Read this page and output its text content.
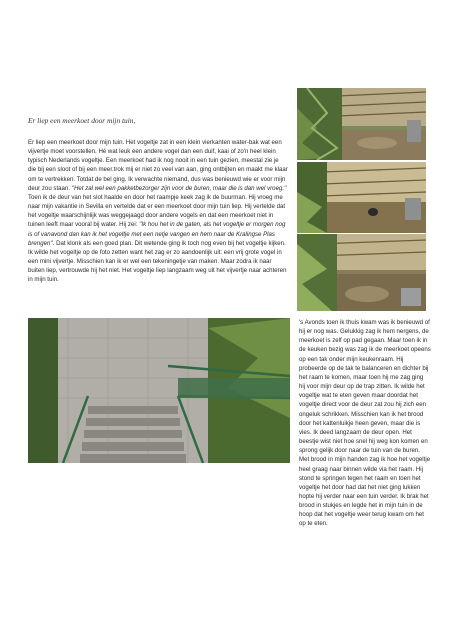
Er liep een meerkoet door mijn tuin,
Er liep een meerkoet door mijn tuin. Het vogeltje zat in een klein vierkanten water-bak wat een vijvertje moet voorstellen. Hé wat leuk een andere vogel dan een duif, kaai of zo'n heel klein typisch Nederlands vogeltje. Een meerkoet had ik nog nooit in een tuin gezien, meestal zie je die bij een sloot of bij een meer.trok mij er niet zo veel van aan, ging ontbijten en maakt me klaar om te vertrekken. Totdat de bel ging. Ik verwachte niemand, dus was benieuwd wie er voor mijn deur zou staan. ''Het zal wel een pakketbezorger zijn voor de buren, maar die is dan wel vroeg.'' Toen ik de deur van het slot haalde en door het raampje keek zag ik de buurman. Hij vroeg me naar mijn vakantie in Sevilla en vertelde dat er een meerkoet door mijn tuin liep. Hij vertelde dat het vogeltje waarschijnlijk was weggejaagd door andere vogels en dat een meerkoet niet in tuinen leeft maar vooral bij water. Hij zei: ''Ik hou het in de gaten, als het vogeltje er morgen nog is of vanavond dan kan ik het vogeltje met een netje vangen en hem naar de Kralingse Plas brengen''. Dat klonk als een goed plan. Dit wetende ging ik toch nog even bij het vogeltje kijken. Ik wilde het vogeltje op de foto zetten want het zag er zo aandoenlijk uit: een vrij grote vogel in een mini vijvertje. Misschien kan ik er wel een tekeningetje van maken. Maar zodra ik naar buiten liep, vertrouwde hij het niet. Het vogeltje liep langzaam weg uit het vijvertje naar achteren in mijn tuin.
's Avonds toen ik thuis kwam was ik benieuwd of hij er nog was. Gelukkig zag ik hem nergens, de meerkoet is zelf op pad gegaan. Maar toen ik in de keuken bezig was zag ik de meerkoet opeens op een tak onder mijn keukenraam. Hij probeerde op de tak te balanceren en dichter bij het raam te komen, maar toen hij me zag ging hij voor mijn deur op de trap zitten. Ik wilde het vogeltje wat te eten geven maar doordat het vogeltje direct voor de deur zat zou hij zich een ongeluk schrikken. Misschien kan ik het brood door het kattenluikje heen geven, maar die is vies. Ik deed langzaam de deur open. Het beestje wist niet hoe snel hij weg kon komen en sprong gelijk door naar de tuin van de buren. Met brood in mijn handen zag ik hoe het vogeltje heel graag naar binnen wilde via het raam. Hij stond te springen tegen het raam en toen het vogeltje het door had dat het niet ging lukken hopte hij verder naar een tuin verder. Ik brak het brood in stukjes en legde het in mijn tuin in de hoop dat het vogeltje weer terug kwam om het op te eten.
